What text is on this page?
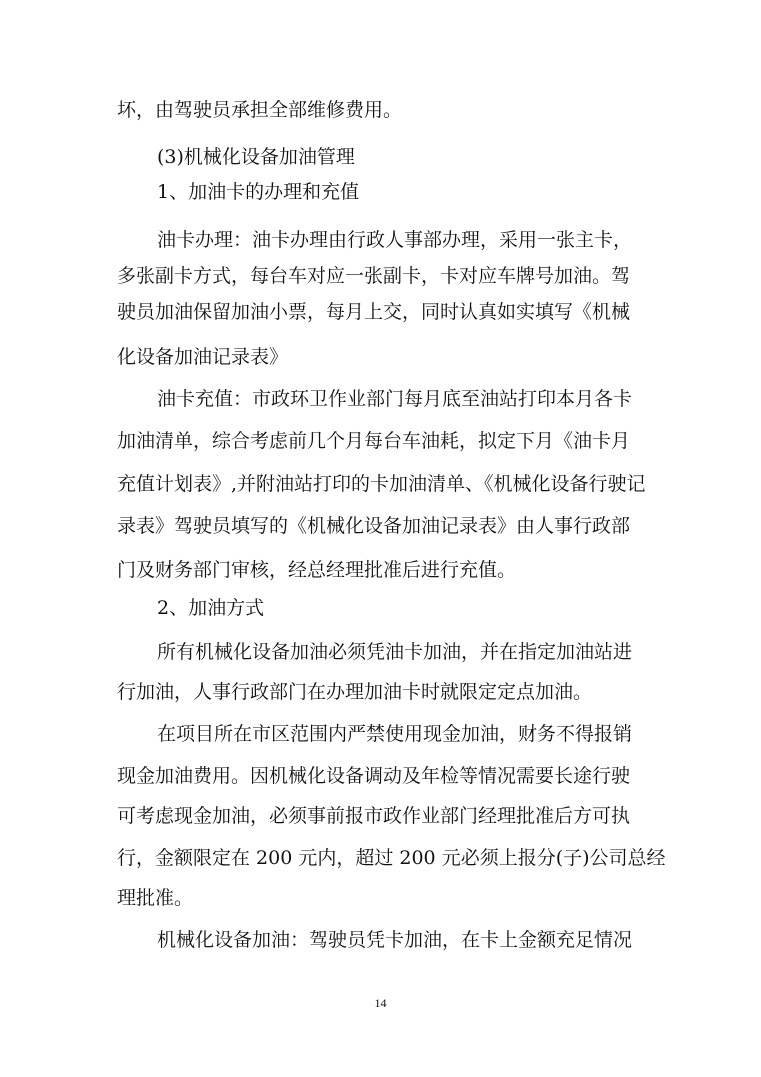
坏，由驾驶员承担全部维修费用。
(3)机械化设备加油管理
1、加油卡的办理和充值
油卡办理：油卡办理由行政人事部办理，采用一张主卡，
多张副卡方式，每台车对应一张副卡，卡对应车牌号加油。驾
驶员加油保留加油小票，每月上交，同时认真如实填写《机械
化设备加油记录表》
油卡充值：市政环卫作业部门每月底至油站打印本月各卡
加油清单，综合考虑前几个月每台车油耗，拟定下月《油卡月
充值计划表》,并附油站打印的卡加油清单、《机械化设备行驶记
录表》驾驶员填写的《机械化设备加油记录表》由人事行政部
门及财务部门审核，经总经理批准后进行充值。
2、加油方式
所有机械化设备加油必须凭油卡加油，并在指定加油站进
行加油，人事行政部门在办理加油卡时就限定定点加油。
在项目所在市区范围内严禁使用现金加油，财务不得报销
现金加油费用。因机械化设备调动及年检等情况需要长途行驶
可考虑现金加油，必须事前报市政作业部门经理批准后方可执
行，金额限定在 200 元内，超过 200 元必须上报分(子)公司总经
理批准。
机械化设备加油：驾驶员凭卡加油，在卡上金额充足情况
14
